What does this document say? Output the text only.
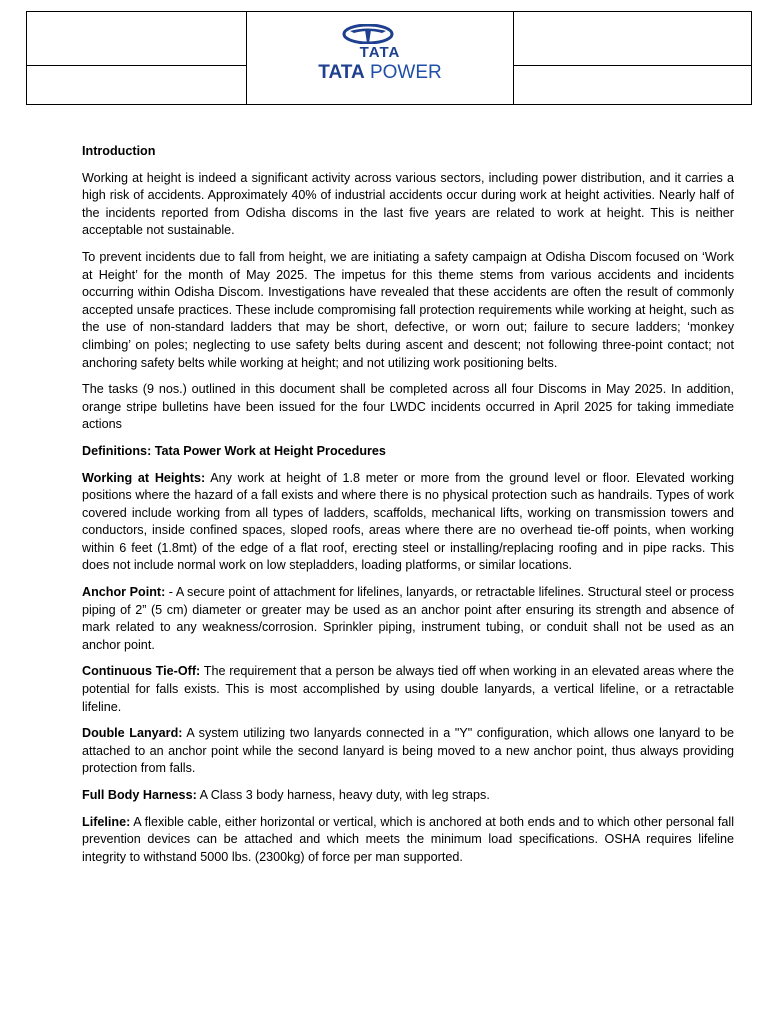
TATA
TATA POWER
Introduction

Working at height is indeed a significant activity across various sectors, including power distribution, and it carries a high risk of accidents. Approximately 40% of industrial accidents occur during work at height activities. Nearly half of the incidents reported from Odisha discoms in the last five years are related to work at height. This is neither acceptable not sustainable.

To prevent incidents due to fall from height, we are initiating a safety campaign at Odisha Discom focused on ‘Work at Height’ for the month of May 2025. The impetus for this theme stems from various accidents and incidents occurring within Odisha Discom. Investigations have revealed that these accidents are often the result of commonly accepted unsafe practices. These include compromising fall protection requirements while working at height, such as the use of non-standard ladders that may be short, defective, or worn out; failure to secure ladders; ‘monkey climbing’ on poles; neglecting to use safety belts during ascent and descent; not following three-point contact; not anchoring safety belts while working at height; and not utilizing work positioning belts.

The tasks (9 nos.) outlined in this document shall be completed across all four Discoms in May 2025. In addition, orange stripe bulletins have been issued for the four LWDC incidents occurred in April 2025 for taking immediate actions

Definitions: Tata Power Work at Height Procedures

Working at Heights: Any work at height of 1.8 meter or more from the ground level or floor. Elevated working positions where the hazard of a fall exists and where there is no physical protection such as handrails. Types of work covered include working from all types of ladders, scaffolds, mechanical lifts, working on transmission towers and conductors, inside confined spaces, sloped roofs, areas where there are no overhead tie-off points, when working within 6 feet (1.8mt) of the edge of a flat roof, erecting steel or installing/replacing roofing and in pipe racks. This does not include normal work on low stepladders, loading platforms, or similar locations.

Anchor Point: - A secure point of attachment for lifelines, lanyards, or retractable lifelines. Structural steel or process piping of 2” (5 cm) diameter or greater may be used as an anchor point after ensuring its strength and absence of mark related to any weakness/corrosion. Sprinkler piping, instrument tubing, or conduit shall not be used as an anchor point.

Continuous Tie-Off: The requirement that a person be always tied off when working in an elevated areas where the potential for falls exists. This is most accomplished by using double lanyards, a vertical lifeline, or a retractable lifeline.

Double Lanyard: A system utilizing two lanyards connected in a "Y" configuration, which allows one lanyard to be attached to an anchor point while the second lanyard is being moved to a new anchor point, thus always providing protection from falls.

Full Body Harness: A Class 3 body harness, heavy duty, with leg straps.

Lifeline: A flexible cable, either horizontal or vertical, which is anchored at both ends and to which other personal fall prevention devices can be attached and which meets the minimum load specifications. OSHA requires lifeline integrity to withstand 5000 lbs. (2300kg) of force per man supported.
